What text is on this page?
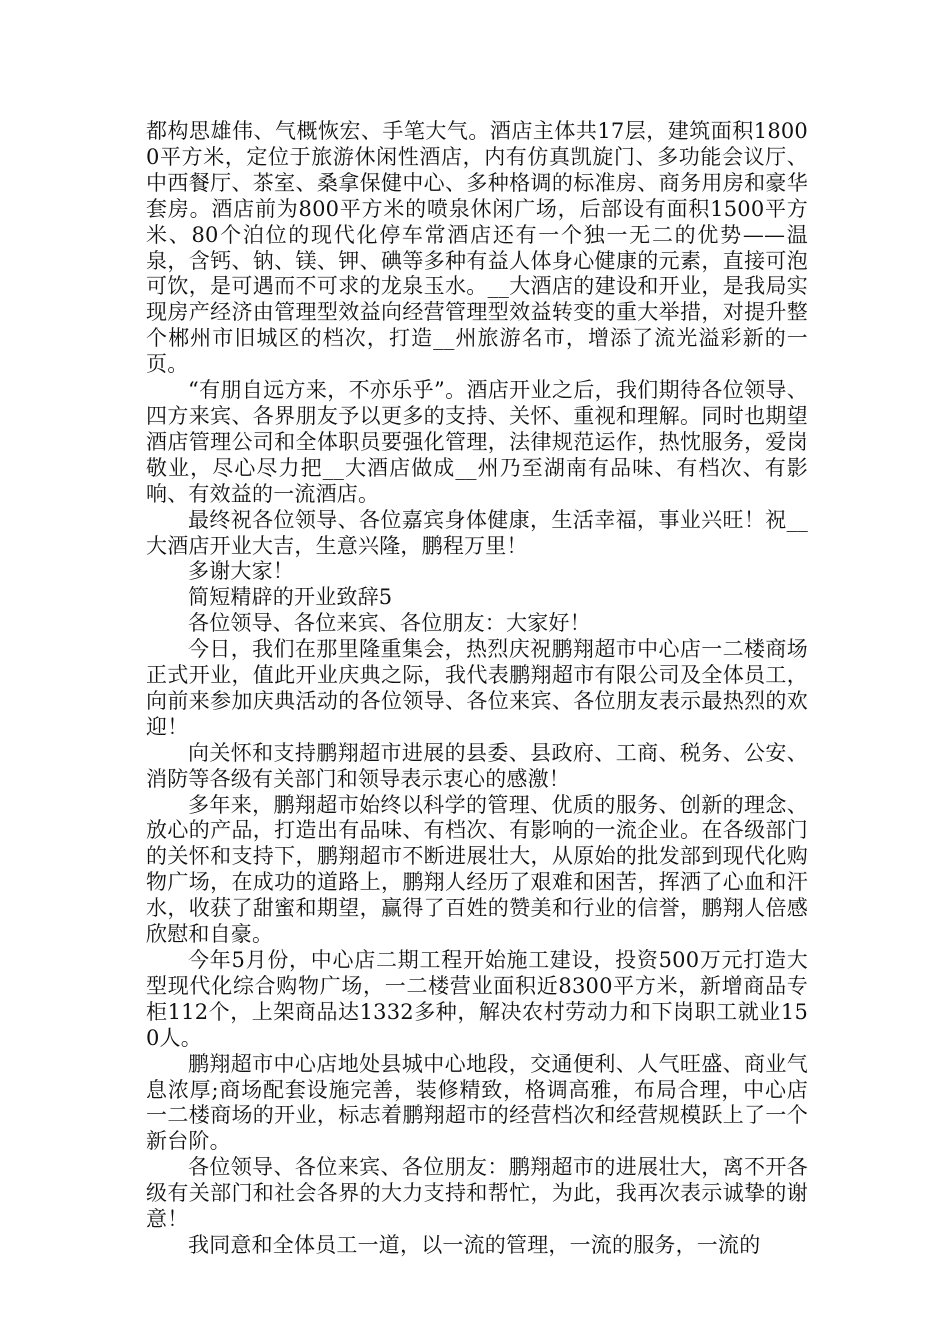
都构思雄伟、气概恢宏、手笔大气。酒店主体共17层，建筑面积18000平方米，定位于旅游休闲性酒店，内有仿真凯旋门、多功能会议厅、中西餐厅、茶室、桑拿保健中心、多种格调的标准房、商务用房和豪华套房。酒店前为800平方米的喷泉休闲广场，后部设有面积1500平方米、80个泊位的现代化停车常酒店还有一个独一无二的优势——温泉，含钙、钠、镁、钾、碘等多种有益人体身心健康的元素，直接可泡可饮，是可遇而不可求的龙泉玉水。__大酒店的建设和开业，是我局实现房产经济由管理型效益向经营管理型效益转变的重大举措，对提升整个郴州市旧城区的档次，打造__州旅游名市，增添了流光溢彩新的一页。

“有朋自远方来，不亦乐乎”。酒店开业之后，我们期待各位领导、四方来宾、各界朋友予以更多的支持、关怀、重视和理解。同时也期望酒店管理公司和全体职员要强化管理，法律规范运作，热忱服务，爱岗敬业，尽心尽力把__大酒店做成__州乃至湖南有品味、有档次、有影响、有效益的一流酒店。

最终祝各位领导、各位嘉宾身体健康，生活幸福，事业兴旺！祝__大酒店开业大吉，生意兴隆，鹏程万里！

多谢大家！

简短精辟的开业致辞5

各位领导、各位来宾、各位朋友：大家好！

今日，我们在那里隆重集会，热烈庆祝鹏翔超市中心店一二楼商场正式开业，值此开业庆典之际，我代表鹏翔超市有限公司及全体员工，向前来参加庆典活动的各位领导、各位来宾、各位朋友表示最热烈的欢迎！

向关怀和支持鹏翔超市进展的县委、县政府、工商、税务、公安、消防等各级有关部门和领导表示衷心的感激！

多年来，鹏翔超市始终以科学的管理、优质的服务、创新的理念、放心的产品，打造出有品味、有档次、有影响的一流企业。在各级部门的关怀和支持下，鹏翔超市不断进展壮大，从原始的批发部到现代化购物广场，在成功的道路上，鹏翔人经历了艰难和困苦，挥洒了心血和汗水，收获了甜蜜和期望，赢得了百姓的赞美和行业的信誉，鹏翔人倍感欣慰和自豪。

今年5月份，中心店二期工程开始施工建设，投资500万元打造大型现代化综合购物广场，一二楼营业面积近8300平方米，新增商品专柜112个，上架商品达1332多种，解决农村劳动力和下岗职工就业150人。

鹏翔超市中心店地处县城中心地段，交通便利、人气旺盛、商业气息浓厚;商场配套设施完善，装修精致，格调高雅，布局合理，中心店一二楼商场的开业，标志着鹏翔超市的经营档次和经营规模跃上了一个新台阶。

各位领导、各位来宾、各位朋友：鹏翔超市的进展壮大，离不开各级有关部门和社会各界的大力支持和帮忙，为此，我再次表示诚挚的谢意！

我同意和全体员工一道，以一流的管理，一流的服务，一流的
